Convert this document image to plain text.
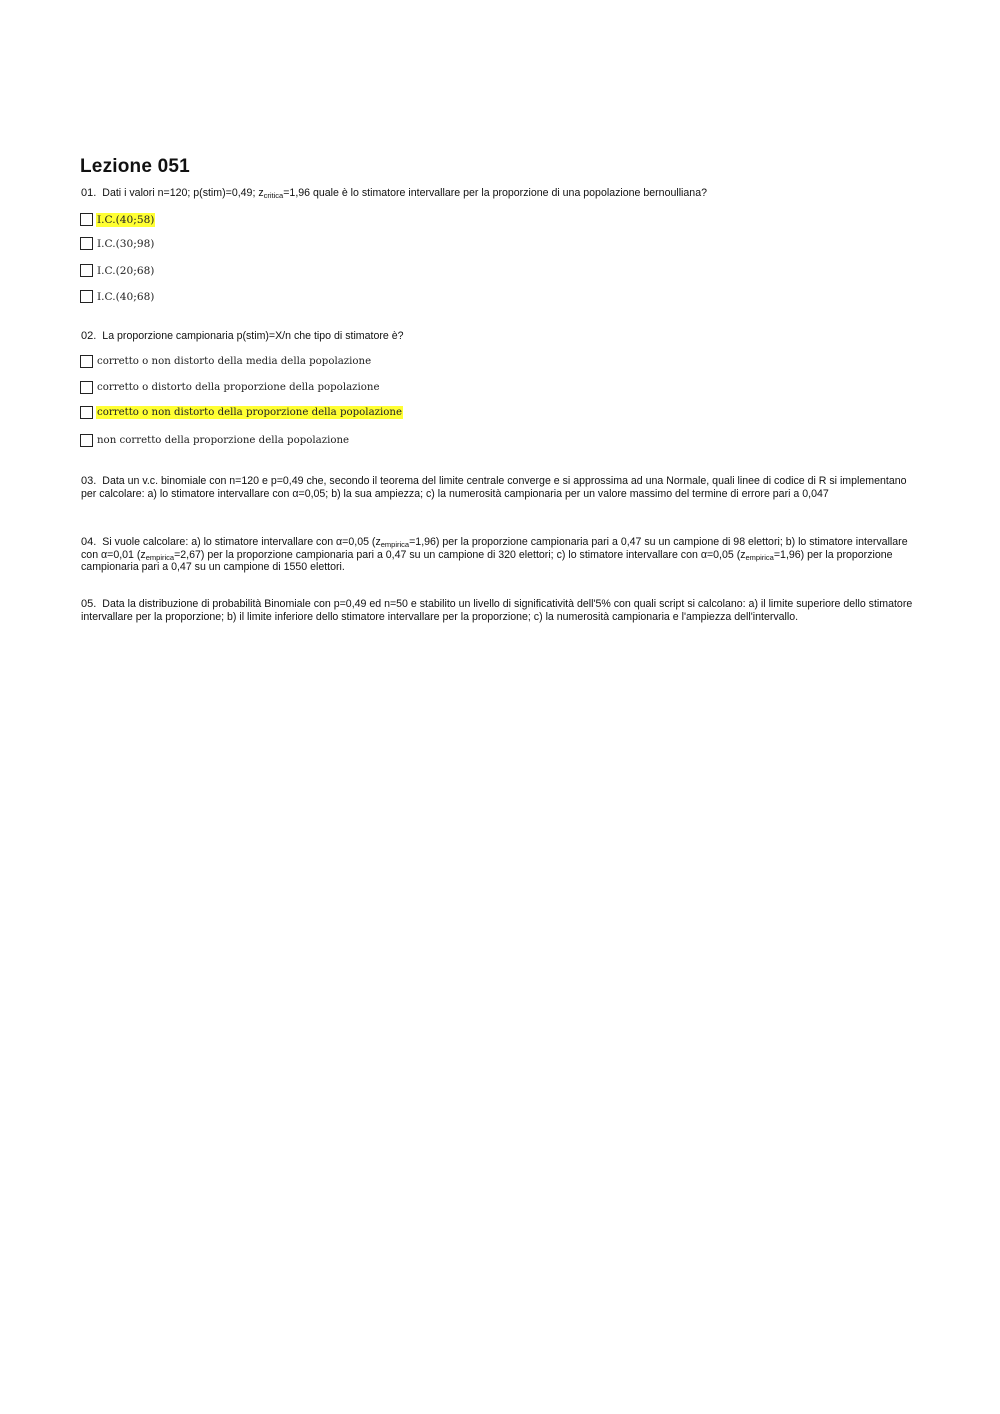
Lezione 051
01. Dati i valori n=120; p(stim)=0,49; $z_{critica}=1,96$ quale è lo stimatore intervallare per la proporzione di una popolazione bernoulliana?
I.C.(40;58)
I.C.(30;98)
I.C.(20;68)
I.C.(40;68)
02. La proporzione campionaria p(stim)=X/n che tipo di stimatore è?
corretto o non distorto della media della popolazione
corretto o distorto della proporzione della popolazione
corretto o non distorto della proporzione della popolazione
non corretto della proporzione della popolazione
03. Data un v.c. binomiale con n=120 e p=0,49 che, secondo il teorema del limite centrale converge e si approssima ad una Normale, quali linee di codice di R si implementano per calcolare: a) lo stimatore intervallare con α=0,05; b) la sua ampiezza; c) la numerosità campionaria per un valore massimo del termine di errore pari a 0,047
04. Si vuole calcolare: a) lo stimatore intervallare con α=0,05 $(z_{empirica}=1,96)$ per la proporzione campionaria pari a 0,47 su un campione di 98 elettori; b) lo stimatore intervallare con α=0,01 $(z_{empirica}=2,67)$ per la proporzione campionaria pari a 0,47 su un campione di 320 elettori; c) lo stimatore intervallare con α=0,05 $(z_{empirica}=1,96)$ per la proporzione campionaria pari a 0,47 su un campione di 1550 elettori.
05. Data la distribuzione di probabilità Binomiale con p=0,49 ed n=50 e stabilito un livello di significatività dell'5% con quali script si calcolano: a) il limite superiore dello stimatore intervallare per la proporzione; b) il limite inferiore dello stimatore intervallare per la proporzione; c) la numerosità campionaria e l'ampiezza dell'intervallo.
